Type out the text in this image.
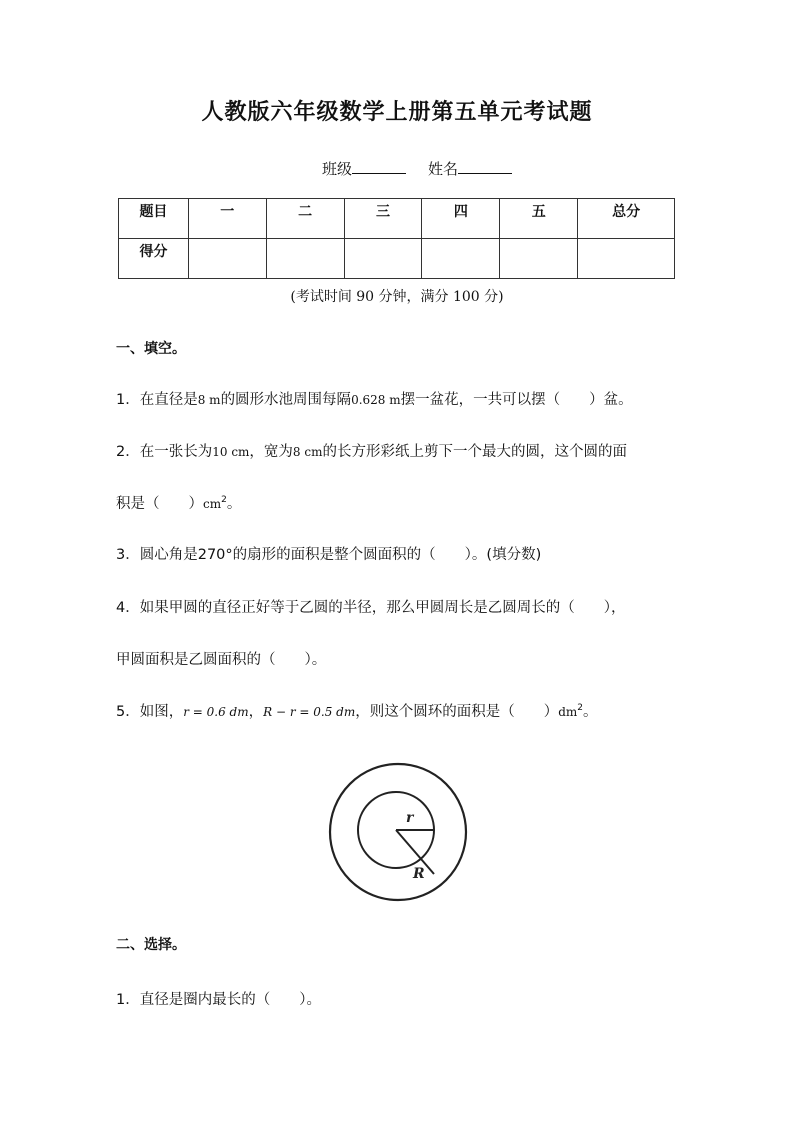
人教版六年级数学上册第五单元考试题
班级	姓名
题目	一	二	三	四	五	总分
得分						
(考试时间 90 分钟，满分 100 分)
一、填空。
1．在直径是8 m的圆形水池周围每隔0.628 m摆一盆花，一共可以摆（　　）盆。
2．在一张长为10 cm，宽为8 cm的长方形彩纸上剪下一个最大的圆，这个圆的面
积是（　　）$cm^2$。
3．圆心角是270°的扇形的面积是整个圆面积的（　　）。(填分数)
4．如果甲圆的直径正好等于乙圆的半径，那么甲圆周长是乙圆周长的（　　），
甲圆面积是乙圆面积的（　　）。
5．如图，r = 0.6 dm，R − r = 0.5 dm，则这个圆环的面积是（　　）$dm^2$。
r
R
二、选择。
1．直径是圈内最长的（　　）。
